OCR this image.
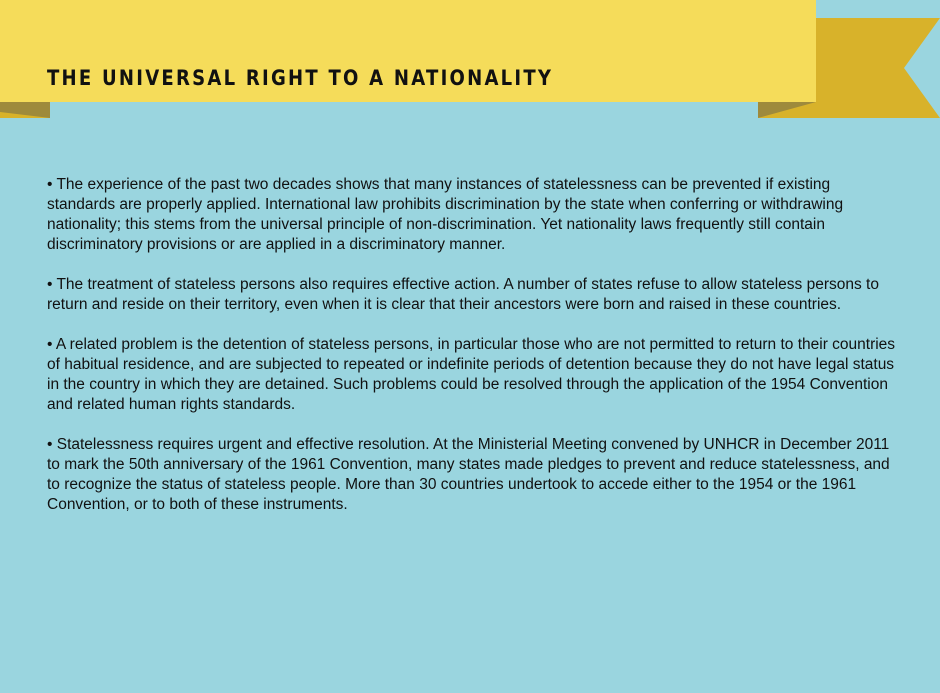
THE UNIVERSAL RIGHT TO A NATIONALITY

• The experience of the past two decades shows that many instances of statelessness can be prevented if existing standards are properly applied. International law prohibits discrimination by the state when conferring or withdrawing nationality; this stems from the universal principle of non-discrimination. Yet nationality laws frequently still contain discriminatory provisions or are applied in a discriminatory manner.

• The treatment of stateless persons also requires effective action. A number of states refuse to allow stateless persons to return and reside on their territory, even when it is clear that their ancestors were born and raised in these countries.

• A related problem is the detention of stateless persons, in particular those who are not permitted to return to their countries of habitual residence, and are subjected to repeated or indefinite periods of detention because they do not have legal status in the country in which they are detained. Such problems could be resolved through the application of the 1954 Convention and related human rights standards.

• Statelessness requires urgent and effective resolution. At the Ministerial Meeting convened by UNHCR in December 2011 to mark the 50th anniversary of the 1961 Convention, many states made pledges to prevent and reduce statelessness, and to recognize the status of stateless people. More than 30 countries undertook to accede either to the 1954 or the 1961 Convention, or to both of these instruments.
